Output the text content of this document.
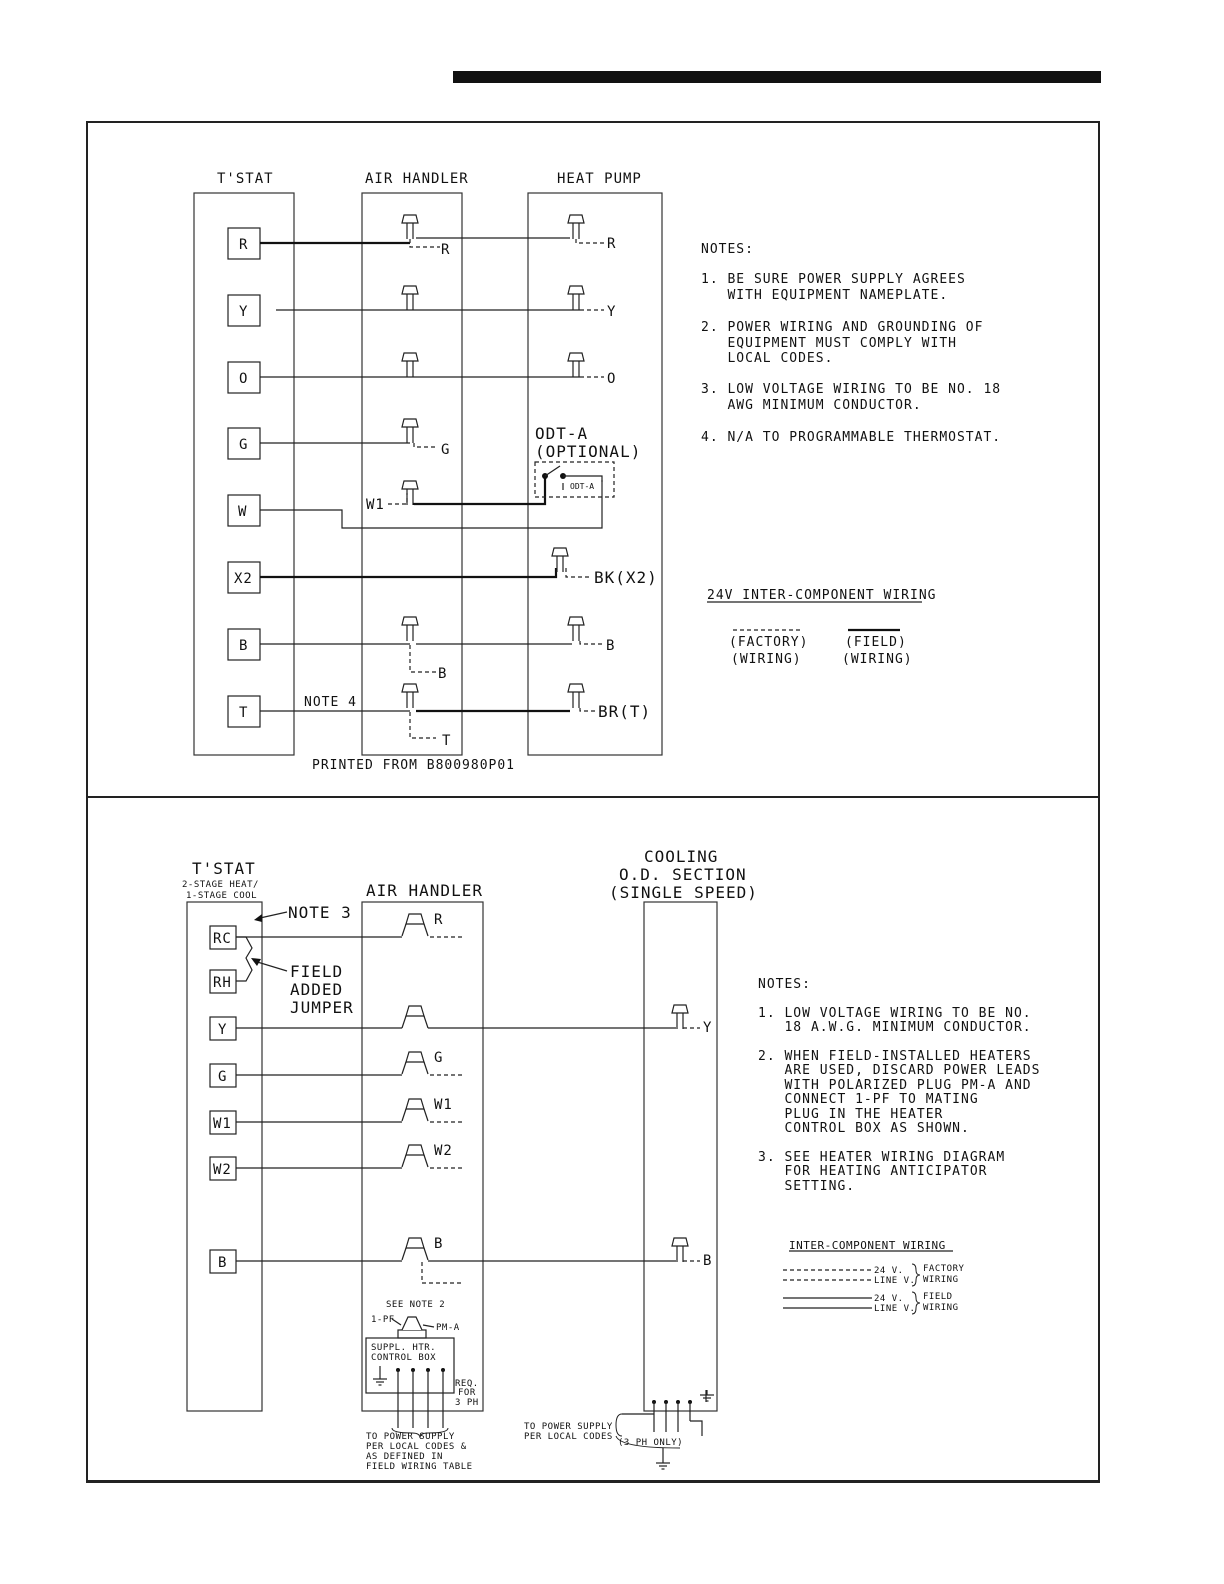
T'STAT	AIR HANDLER	HEAT PUMP
R
Y
O
G
W
X2
B
T
R	R
Y
O
G
W1
ODT-A
ODT-A
(OPTIONAL)
BK(X2)
B
B
T
BR(T)
NOTE 4
PRINTED FROM B800980P01
NOTES:
1. BE SURE POWER SUPPLY AGREES
WITH EQUIPMENT NAMEPLATE.
2. POWER WIRING AND GROUNDING OF
EQUIPMENT MUST COMPLY WITH
LOCAL CODES.
3. LOW VOLTAGE WIRING TO BE NO. 18
AWG MINIMUM CONDUCTOR.
4. N/A TO PROGRAMMABLE THERMOSTAT.
24V INTER-COMPONENT WIRING
(FACTORY)
(WIRING)
(FIELD)
(WIRING)
T'STAT
2-STAGE HEAT/
1-STAGE COOL	AIR HANDLER
COOLING
O.D. SECTION
(SINGLE SPEED)
RC
RH
Y
G
W1
W2
B
NOTE 3
FIELD
ADDED
JUMPER
R
Y
G
W1
W2
B
B
SEE NOTE 2
1-PF
PM-A
SUPPL. HTR.
CONTROL BOX
REQ.
FOR
3 PH
TO POWER SUPPLY
PER LOCAL CODES &
AS DEFINED IN
FIELD WIRING TABLE
(3 PH ONLY)
TO POWER SUPPLY
PER LOCAL CODES
NOTES:
1. LOW VOLTAGE WIRING TO BE NO.
18 A.W.G. MINIMUM CONDUCTOR.
2. WHEN FIELD-INSTALLED HEATERS
ARE USED, DISCARD POWER LEADS
WITH POLARIZED PLUG PM-A AND
CONNECT 1-PF TO MATING
PLUG IN THE HEATER
CONTROL BOX AS SHOWN.
3. SEE HEATER WIRING DIAGRAM
FOR HEATING ANTICIPATOR
SETTING.
INTER-COMPONENT WIRING
24 V.
LINE V.
FACTORY
WIRING
24 V.
LINE V.
FIELD
WIRING
